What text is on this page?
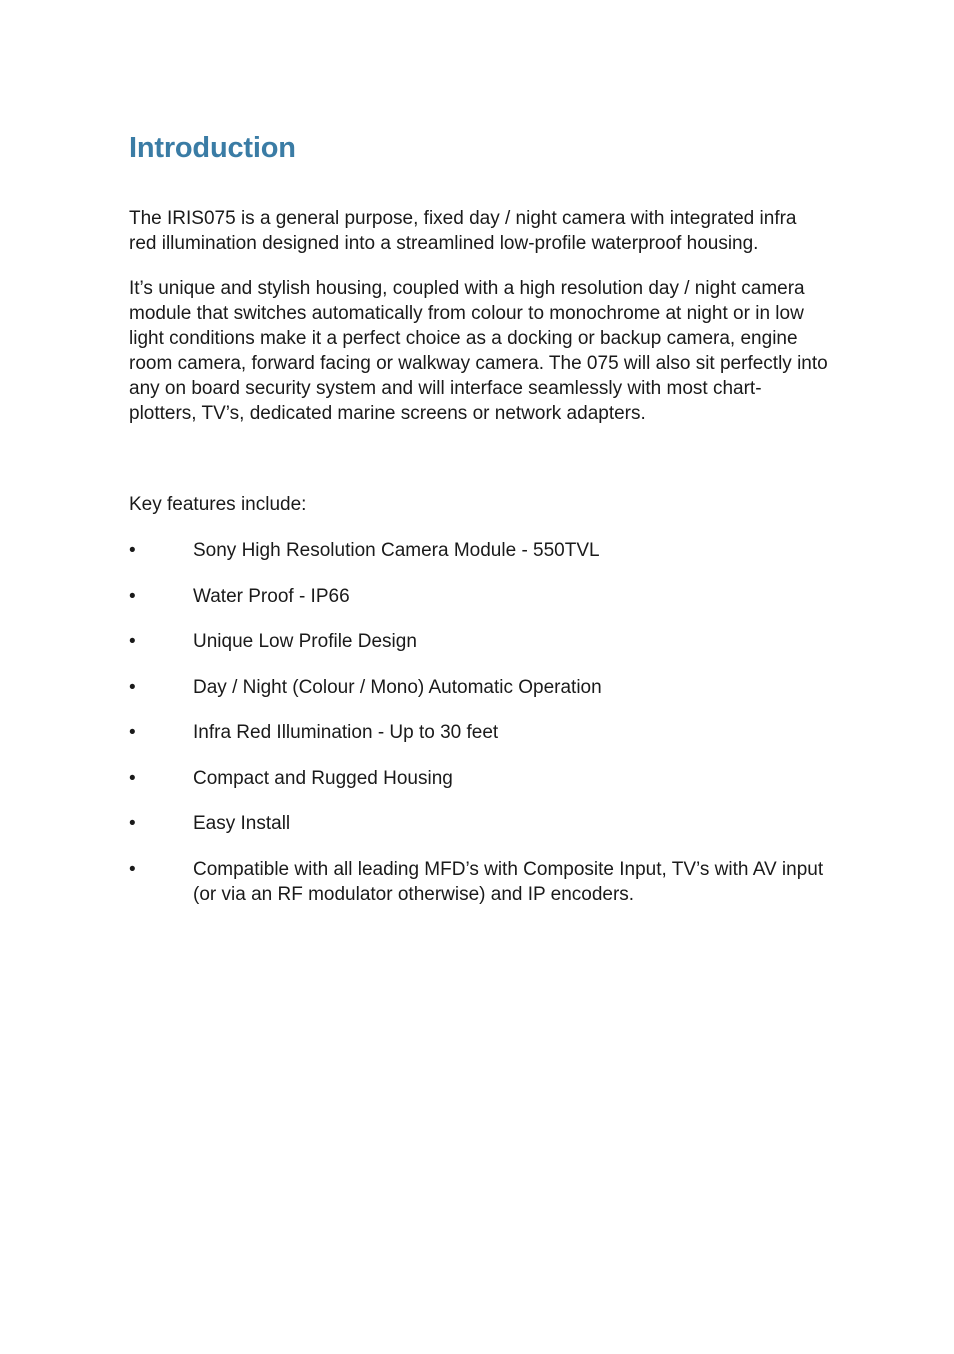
Introduction

The IRIS075 is a general purpose, fixed day / night camera with integrated infra red illumination designed into a streamlined low-profile waterproof housing.

It’s unique and stylish housing, coupled with a high resolution day / night camera module that switches automatically from colour to monochrome at night or in low light conditions make it a perfect choice as a docking or backup camera, engine room camera, forward facing or walkway camera. The 075 will also sit perfectly into any on board security system and will interface seamlessly with most chart-plotters, TV’s, dedicated marine screens or network adapters.

Key features include:

•	Sony High Resolution Camera Module - 550TVL
•	Water Proof - IP66
•	Unique Low Profile Design
•	Day / Night (Colour / Mono) Automatic Operation
•	Infra Red Illumination - Up to 30 feet
•	Compact and Rugged Housing
•	Easy Install
•	Compatible with all leading MFD’s with Composite Input, TV’s with AV input (or via an RF modulator otherwise) and IP encoders.
